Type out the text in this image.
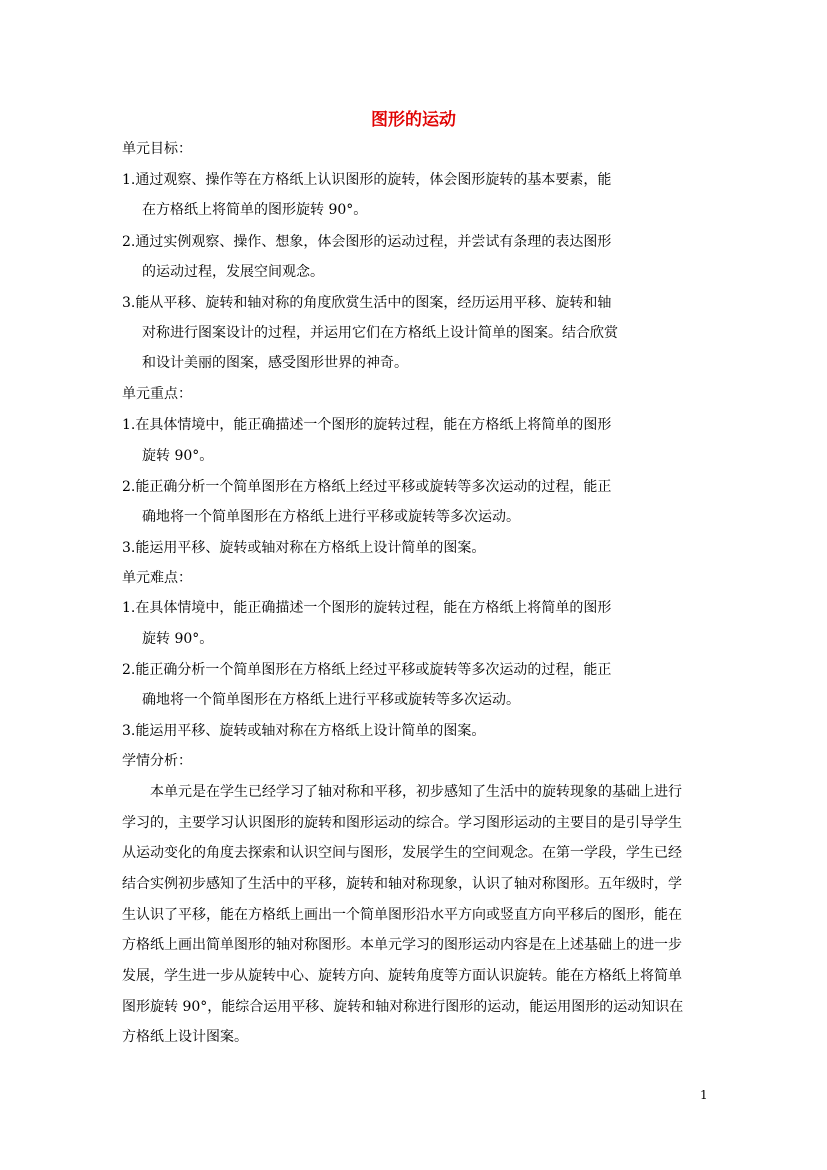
图形的运动

单元目标：

1.通过观察、操作等在方格纸上认识图形的旋转，体会图形旋转的基本要素，能

在方格纸上将简单的图形旋转 90°。

2.通过实例观察、操作、想象，体会图形的运动过程，并尝试有条理的表达图形

的运动过程，发展空间观念。

3.能从平移、旋转和轴对称的角度欣赏生活中的图案，经历运用平移、旋转和轴

对称进行图案设计的过程，并运用它们在方格纸上设计简单的图案。结合欣赏

和设计美丽的图案，感受图形世界的神奇。

单元重点：

1.在具体情境中，能正确描述一个图形的旋转过程，能在方格纸上将简单的图形

旋转 90°。

2.能正确分析一个简单图形在方格纸上经过平移或旋转等多次运动的过程，能正

确地将一个简单图形在方格纸上进行平移或旋转等多次运动。

3.能运用平移、旋转或轴对称在方格纸上设计简单的图案。

单元难点：

1.在具体情境中，能正确描述一个图形的旋转过程，能在方格纸上将简单的图形

旋转 90°。

2.能正确分析一个简单图形在方格纸上经过平移或旋转等多次运动的过程，能正

确地将一个简单图形在方格纸上进行平移或旋转等多次运动。

3.能运用平移、旋转或轴对称在方格纸上设计简单的图案。

学情分析：

　　本单元是在学生已经学习了轴对称和平移，初步感知了生活中的旋转现象的基础上进行

学习的，主要学习认识图形的旋转和图形运动的综合。学习图形运动的主要目的是引导学生

从运动变化的角度去探索和认识空间与图形，发展学生的空间观念。在第一学段，学生已经

结合实例初步感知了生活中的平移，旋转和轴对称现象，认识了轴对称图形。五年级时，学

生认识了平移，能在方格纸上画出一个简单图形沿水平方向或竖直方向平移后的图形，能在

方格纸上画出简单图形的轴对称图形。本单元学习的图形运动内容是在上述基础上的进一步

发展，学生进一步从旋转中心、旋转方向、旋转角度等方面认识旋转。能在方格纸上将简单

图形旋转 90°，能综合运用平移、旋转和轴对称进行图形的运动，能运用图形的运动知识在

方格纸上设计图案。

1
